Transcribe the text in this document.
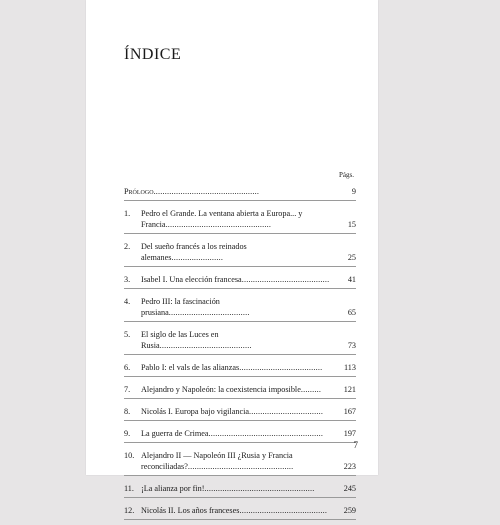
ÍNDICE
Págs.
Prólogo...............................................	9
1. Pedro el Grande. La ventana abierta a Europa... y Francia...............................................	15
2. Del sueño francés a los reinados alemanes.......................	25
3. Isabel I. Una elección francesa....................................... 41
4. Pedro III: la fascinación prusiana....................................	65
5. El siglo de las Luces en Rusia.........................................	73
6. Pablo I: el vals de las alianzas.....................................	113
7. Alejandro y Napoleón: la coexistencia imposible.........	121
8. Nicolás I. Europa bajo vigilancia.................................	167
9. La guerra de Crimea...................................................	197
10. Alejandro II — Napoleón III ¿Rusia y Francia reconciliadas?...............................................	223
11. ¡La alianza por fin!.................................................	245
12. Nicolás II. Los años franceses.......................................	259
7
